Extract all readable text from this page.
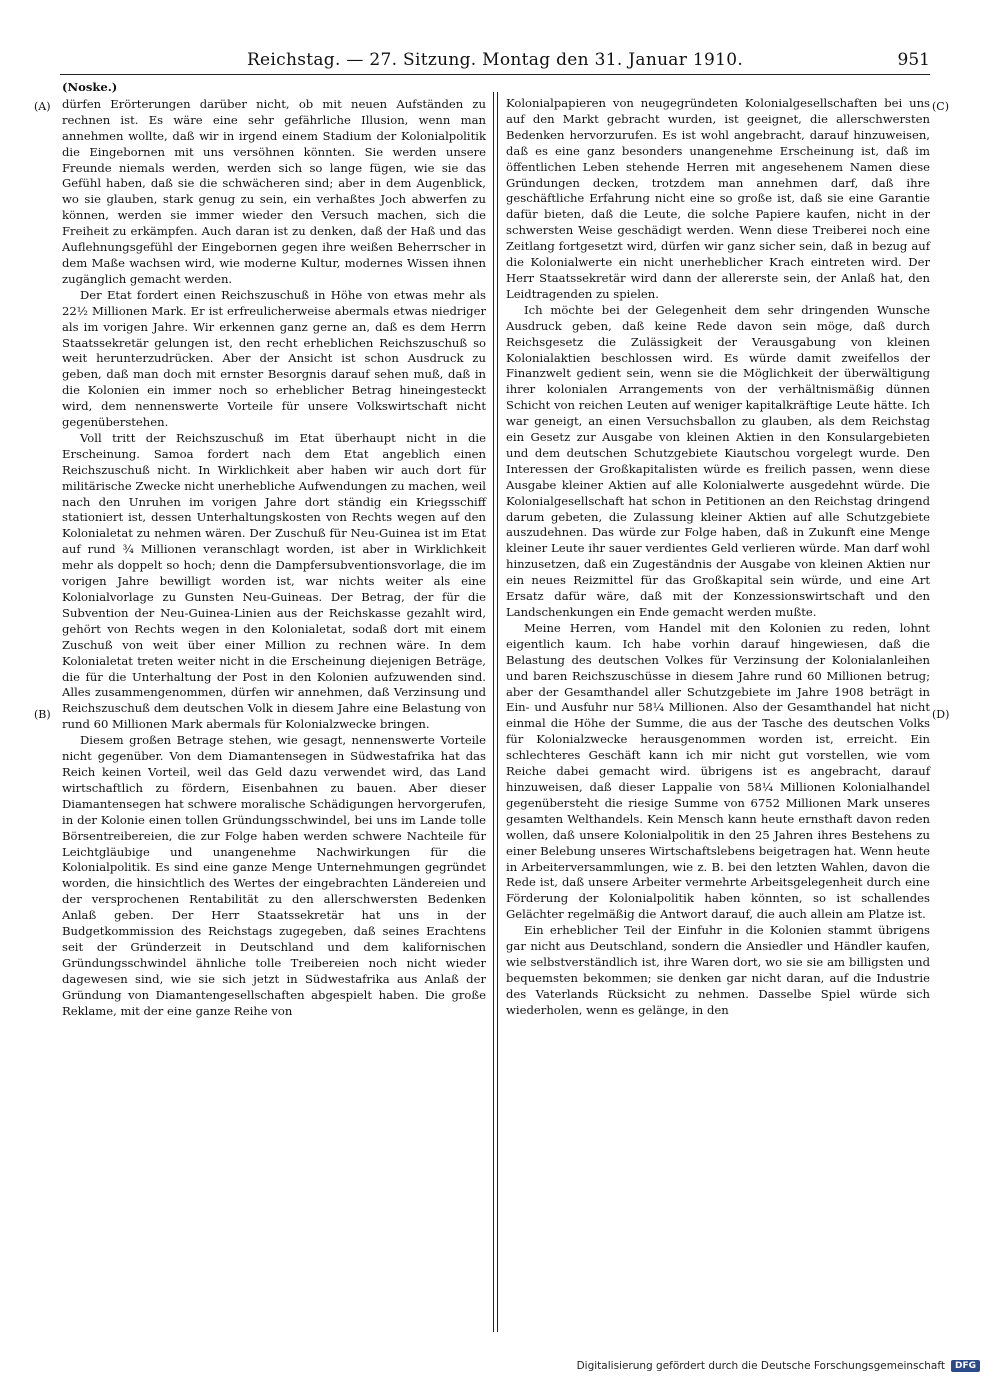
Reichstag. — 27. Sitzung. Montag den 31. Januar 1910.	951
(A)
(B)
(C)
(D)
(Noske.)

dürfen Erörterungen darüber nicht, ob mit neuen Aufständen zu rechnen ist. Es wäre eine sehr gefährliche Illusion, wenn man annehmen wollte, daß wir in irgend einem Stadium der Kolonialpolitik die Eingebornen mit uns versöhnen könnten. Sie werden unsere Freunde niemals werden, werden sich so lange fügen, wie sie das Gefühl haben, daß sie die schwächeren sind; aber in dem Augenblick, wo sie glauben, stark genug zu sein, ein verhaßtes Joch abwerfen zu können, werden sie immer wieder den Versuch machen, sich die Freiheit zu erkämpfen. Auch daran ist zu denken, daß der Haß und das Auflehnungsgefühl der Eingebornen gegen ihre weißen Beherrscher in dem Maße wachsen wird, wie moderne Kultur, modernes Wissen ihnen zugänglich gemacht werden.

Der Etat fordert einen Reichszuschuß in Höhe von etwas mehr als 22½ Millionen Mark. Er ist erfreulicherweise abermals etwas niedriger als im vorigen Jahre. Wir erkennen ganz gerne an, daß es dem Herrn Staatssekretär gelungen ist, den recht erheblichen Reichszuschuß so weit herunterzudrücken. Aber der Ansicht ist schon Ausdruck zu geben, daß man doch mit ernster Besorgnis darauf sehen muß, daß in die Kolonien ein immer noch so erheblicher Betrag hineingesteckt wird, dem nennenswerte Vorteile für unsere Volkswirtschaft nicht gegenüberstehen.

Voll tritt der Reichszuschuß im Etat überhaupt nicht in die Erscheinung. Samoa fordert nach dem Etat angeblich einen Reichszuschuß nicht. In Wirklichkeit aber haben wir auch dort für militärische Zwecke nicht unerhebliche Aufwendungen zu machen, weil nach den Unruhen im vorigen Jahre dort ständig ein Kriegsschiff stationiert ist, dessen Unterhaltungskosten von Rechts wegen auf den Kolonialetat zu nehmen wären. Der Zuschuß für Neu-Guinea ist im Etat auf rund ¾ Millionen veranschlagt worden, ist aber in Wirklichkeit mehr als doppelt so hoch; denn die Dampfersubventionsvorlage, die im vorigen Jahre bewilligt worden ist, war nichts weiter als eine Kolonialvorlage zu Gunsten Neu-Guineas. Der Betrag, der für die Subvention der Neu-Guinea-Linien aus der Reichskasse gezahlt wird, gehört von Rechts wegen in den Kolonialetat, sodaß dort mit einem Zuschuß von weit über einer Million zu rechnen wäre. In dem Kolonialetat treten weiter nicht in die Erscheinung diejenigen Beträge, die für die Unterhaltung der Post in den Kolonien aufzuwenden sind. Alles zusammengenommen, dürfen wir annehmen, daß Verzinsung und Reichszuschuß dem deutschen Volk in diesem Jahre eine Belastung von rund 60 Millionen Mark abermals für Kolonialzwecke bringen.

Diesem großen Betrage stehen, wie gesagt, nennenswerte Vorteile nicht gegenüber. Von dem Diamantensegen in Südwestafrika hat das Reich keinen Vorteil, weil das Geld dazu verwendet wird, das Land wirtschaftlich zu fördern, Eisenbahnen zu bauen. Aber dieser Diamantensegen hat schwere moralische Schädigungen hervorgerufen, in der Kolonie einen tollen Gründungsschwindel, bei uns im Lande tolle Börsentreibereien, die zur Folge haben werden schwere Nachteile für Leichtgläubige und unangenehme Nachwirkungen für die Kolonialpolitik. Es sind eine ganze Menge Unternehmungen gegründet worden, die hinsichtlich des Wertes der eingebrachten Ländereien und der versprochenen Rentabilität zu den allerschwersten Bedenken Anlaß geben. Der Herr Staatssekretär hat uns in der Budgetkommission des Reichstags zugegeben, daß seines Erachtens seit der Gründerzeit in Deutschland und dem kalifornischen Gründungsschwindel ähnliche tolle Treibereien noch nicht wieder dagewesen sind, wie sie sich jetzt in Südwestafrika aus Anlaß der Gründung von Diamantengesellschaften abgespielt haben. Die große Reklame, mit der eine ganze Reihe von

Kolonialpapieren von neugegründeten Kolonialgesellschaften bei uns auf den Markt gebracht wurden, ist geeignet, die allerschwersten Bedenken hervorzurufen. Es ist wohl angebracht, darauf hinzuweisen, daß es eine ganz besonders unangenehme Erscheinung ist, daß im öffentlichen Leben stehende Herren mit angesehenem Namen diese Gründungen decken, trotzdem man annehmen darf, daß ihre geschäftliche Erfahrung nicht eine so große ist, daß sie eine Garantie dafür bieten, daß die Leute, die solche Papiere kaufen, nicht in der schwersten Weise geschädigt werden. Wenn diese Treiberei noch eine Zeitlang fortgesetzt wird, dürfen wir ganz sicher sein, daß in bezug auf die Kolonialwerte ein nicht unerheblicher Krach eintreten wird. Der Herr Staatssekretär wird dann der allererste sein, der Anlaß hat, den Leidtragenden zu spielen.

Ich möchte bei der Gelegenheit dem sehr dringenden Wunsche Ausdruck geben, daß keine Rede davon sein möge, daß durch Reichsgesetz die Zulässigkeit der Verausgabung von kleinen Kolonialaktien beschlossen wird. Es würde damit zweifellos der Finanzwelt gedient sein, wenn sie die Möglichkeit der überwältigung ihrer kolonialen Arrangements von der verhältnismäßig dünnen Schicht von reichen Leuten auf weniger kapitalkräftige Leute hätte. Ich war geneigt, an einen Versuchsballon zu glauben, als dem Reichstag ein Gesetz zur Ausgabe von kleinen Aktien in den Konsulargebieten und dem deutschen Schutzgebiete Kiautschou vorgelegt wurde. Den Interessen der Großkapitalisten würde es freilich passen, wenn diese Ausgabe kleiner Aktien auf alle Kolonialwerte ausgedehnt würde. Die Kolonialgesellschaft hat schon in Petitionen an den Reichstag dringend darum gebeten, die Zulassung kleiner Aktien auf alle Schutzgebiete auszudehnen. Das würde zur Folge haben, daß in Zukunft eine Menge kleiner Leute ihr sauer verdientes Geld verlieren würde. Man darf wohl hinzusetzen, daß ein Zugeständnis der Ausgabe von kleinen Aktien nur ein neues Reizmittel für das Großkapital sein würde, und eine Art Ersatz dafür wäre, daß mit der Konzessionswirtschaft und den Landschenkungen ein Ende gemacht werden mußte.

Meine Herren, vom Handel mit den Kolonien zu reden, lohnt eigentlich kaum. Ich habe vorhin darauf hingewiesen, daß die Belastung des deutschen Volkes für Verzinsung der Kolonialanleihen und baren Reichszuschüsse in diesem Jahre rund 60 Millionen betrug; aber der Gesamthandel aller Schutzgebiete im Jahre 1908 beträgt in Ein- und Ausfuhr nur 58¼ Millionen. Also der Gesamthandel hat nicht einmal die Höhe der Summe, die aus der Tasche des deutschen Volks für Kolonialzwecke herausgenommen worden ist, erreicht. Ein schlechteres Geschäft kann ich mir nicht gut vorstellen, wie vom Reiche dabei gemacht wird. übrigens ist es angebracht, darauf hinzuweisen, daß dieser Lappalie von 58¼ Millionen Kolonialhandel gegenübersteht die riesige Summe von 6752 Millionen Mark unseres gesamten Welthandels. Kein Mensch kann heute ernsthaft davon reden wollen, daß unsere Kolonialpolitik in den 25 Jahren ihres Bestehens zu einer Belebung unseres Wirtschaftslebens beigetragen hat. Wenn heute in Arbeiterversammlungen, wie z. B. bei den letzten Wahlen, davon die Rede ist, daß unsere Arbeiter vermehrte Arbeitsgelegenheit durch eine Förderung der Kolonialpolitik haben könnten, so ist schallendes Gelächter regelmäßig die Antwort darauf, die auch allein am Platze ist.

Ein erheblicher Teil der Einfuhr in die Kolonien stammt übrigens gar nicht aus Deutschland, sondern die Ansiedler und Händler kaufen, wie selbstverständlich ist, ihre Waren dort, wo sie sie am billigsten und bequemsten bekommen; sie denken gar nicht daran, auf die Industrie des Vaterlands Rücksicht zu nehmen. Dasselbe Spiel würde sich wiederholen, wenn es gelänge, in den

Digitalisierung gefördert durch die Deutsche Forschungsgemeinschaft	DFG
